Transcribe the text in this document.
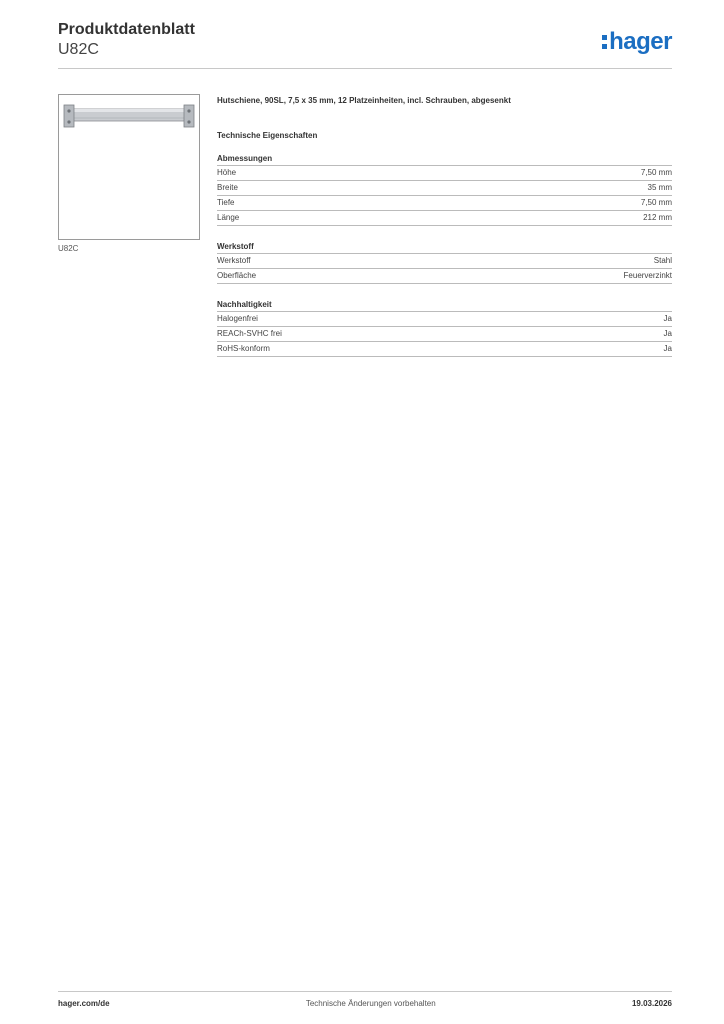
Produktdatenblatt
U82C	hager
U82C

Hutschiene, 90SL, 7,5 x 35 mm, 12 Platzeinheiten, incl. Schrauben, abgesenkt

Technische Eigenschaften
Abmessungen
Höhe	7,50 mm
Breite	35 mm
Tiefe	7,50 mm
Länge	212 mm
Werkstoff
Werkstoff	Stahl
Oberfläche	Feuerverzinkt
Nachhaltigkeit
Halogenfrei	Ja
REACh-SVHC frei	Ja
RoHS-konform	Ja
hager.com/de	Technische Änderungen vorbehalten	19.03.2026
